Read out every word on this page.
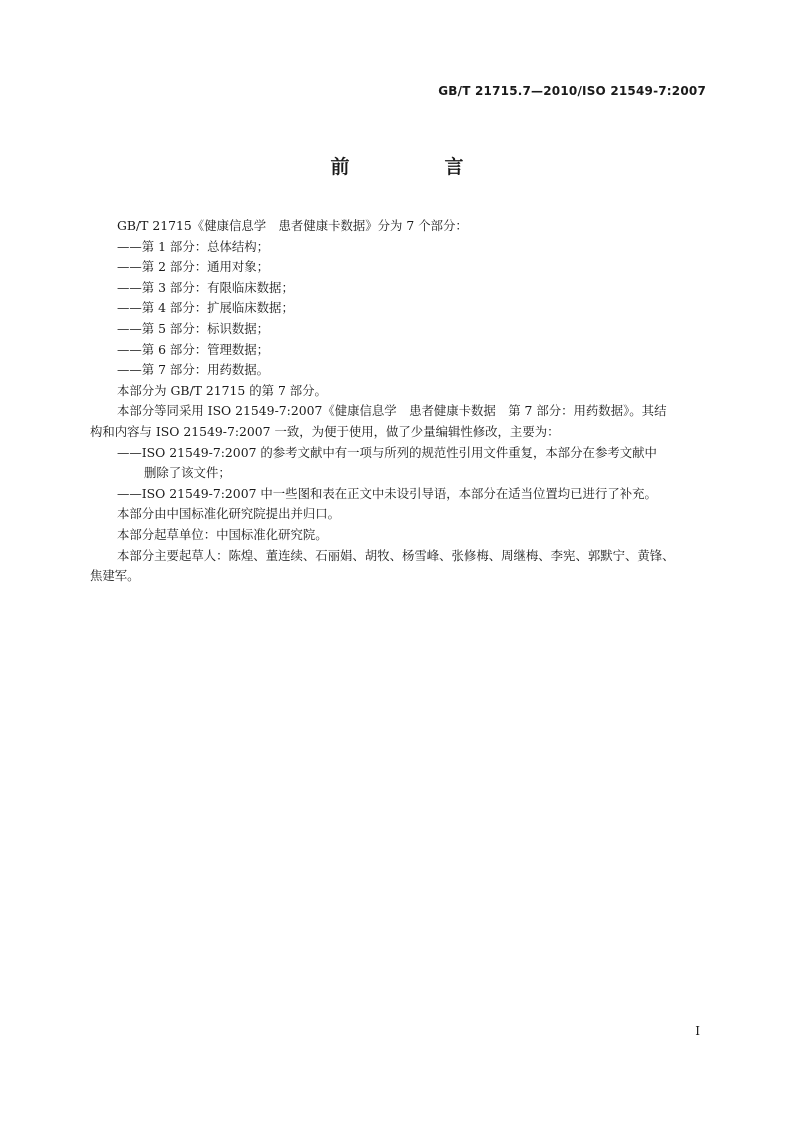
GB/T 21715.7—2010/ISO 21549-7:2007
前　言

GB/T 21715《健康信息学　患者健康卡数据》分为 7 个部分：

——第 1 部分：总体结构；

——第 2 部分：通用对象；

——第 3 部分：有限临床数据；

——第 4 部分：扩展临床数据；

——第 5 部分：标识数据；

——第 6 部分：管理数据；

——第 7 部分：用药数据。

本部分为 GB/T 21715 的第 7 部分。

本部分等同采用 ISO 21549-7:2007《健康信息学　患者健康卡数据　第 7 部分：用药数据》。其结

构和内容与 ISO 21549-7:2007 一致，为便于使用，做了少量编辑性修改，主要为：

——ISO 21549-7:2007 的参考文献中有一项与所列的规范性引用文件重复，本部分在参考文献中

删除了该文件；

——ISO 21549-7:2007 中一些图和表在正文中未设引导语，本部分在适当位置均已进行了补充。

本部分由中国标准化研究院提出并归口。

本部分起草单位：中国标准化研究院。

本部分主要起草人：陈煌、董连续、石丽娟、胡牧、杨雪峰、张修梅、周继梅、李宪、郭默宁、黄锋、

焦建军。

I
